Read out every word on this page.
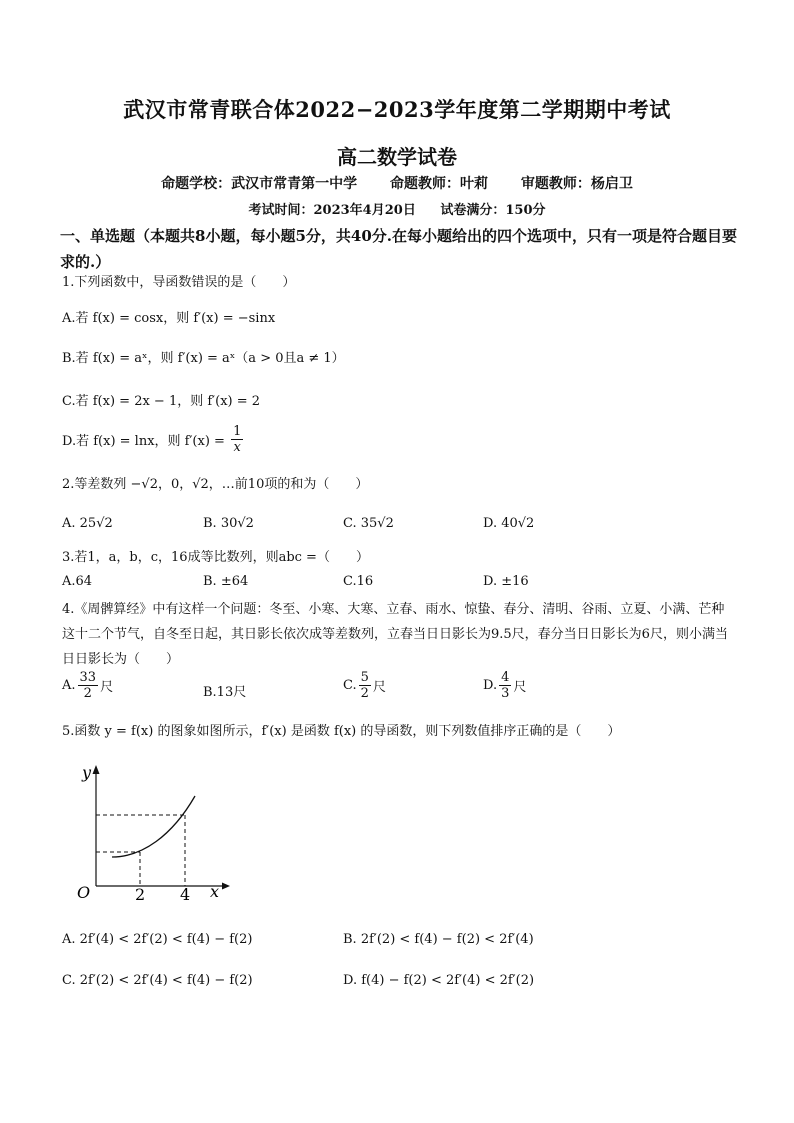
武汉市常青联合体2022−2023学年度第二学期期中考试
高二数学试卷
命题学校：武汉市常青第一中学 命题教师：叶莉 审题教师：杨启卫
考试时间：2023年4月20日 试卷满分：150分
一、单选题（本题共8小题，每小题5分，共40分.在每小题给出的四个选项中，只有一项是符合题目要求的.）
1.下列函数中，导函数错误的是（　　）
A.若 f(x) = cosx，则 f′(x) = −sinx
B.若 f(x) = aˣ，则 f′(x) = aˣ（a > 0且a ≠ 1）
C.若 f(x) = 2x − 1，则 f′(x) = 2
D.若 f(x) = lnx，则 $f'(x) = \frac{1}{x}$
2.等差数列 −√2，0，√2，…前10项的和为（　　）
A. 25√2	B. 30√2	C. 35√2	D. 40√2
3.若1，a，b，c，16成等比数列，则abc =（　　）
A.64	B. ±64	C.16	D. ±16
4.《周髀算经》中有这样一个问题：冬至、小寒、大寒、立春、雨水、惊蛰、春分、清明、谷雨、立夏、小满、芒种这十二个节气，自冬至日起，其日影长依次成等差数列，立春当日日影长为9.5尺，春分当日日影长为6尺，则小满当日日影长为（　　）
A. $\frac{33}{2}$ 尺	B.13尺	C. $\frac{5}{2}$ 尺	D. $\frac{4}{3}$ 尺
5.函数 y = f(x) 的图象如图所示，f′(x) 是函数 f(x) 的导函数，则下列数值排序正确的是（　　）
y
x
O	2 4
A. 2f′(4) < 2f′(2) < f(4) − f(2)	B. 2f′(2) < f(4) − f(2) < 2f′(4)
C. 2f′(2) < 2f′(4) < f(4) − f(2)	D. f(4) − f(2) < 2f′(4) < 2f′(2)
